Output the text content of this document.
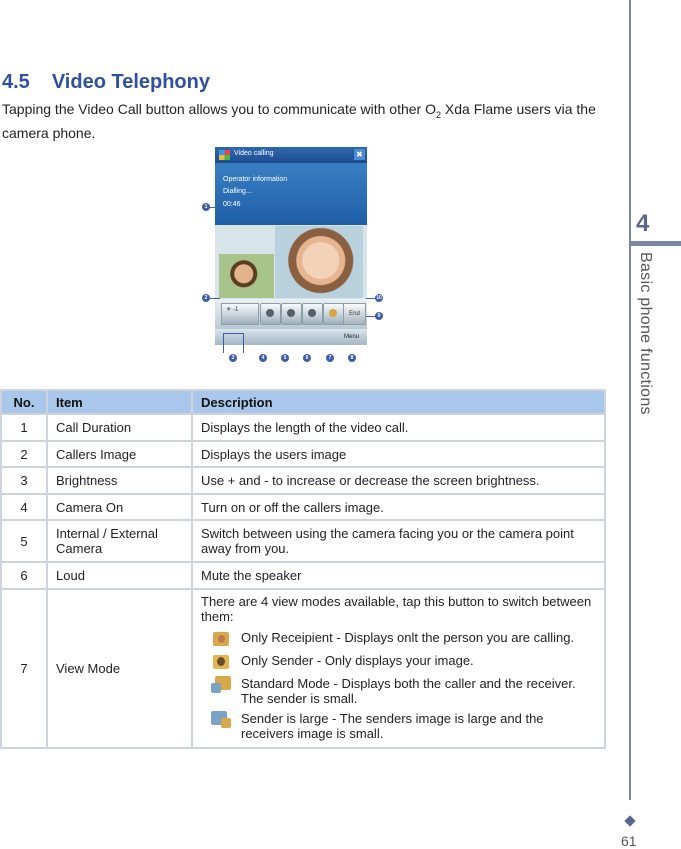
4
Basic phone functions
61
4.5 Video Telephony

Tapping the Video Call button allows you to communicate with other $O_2$ Xda Flame users via the camera phone.

Video calling	✖
Operator information
Dialling...
00:46
☀ -1
End
Menu
1
2	10
9
3	4	5	6	7	8
No.	Item	Description
1	Call Duration	Displays the length of the video call.
2	Callers Image	Displays the users image
3	Brightness	Use + and - to increase or decrease the screen brightness.
4	Camera On	Turn on or off the callers image.
5	Internal / External Camera	Switch between using the camera facing you or the camera point away from you.
6	Loud	Mute the speaker
7	View Mode	There are 4 view modes available, tap this button to switch between them:
Only Receipient - Displays onlt the person you are calling.
Only Sender - Only displays your image.
Standard Mode - Displays both the caller and the receiver. The sender is small.
Sender is large - The senders image is large and the receivers image is small.
